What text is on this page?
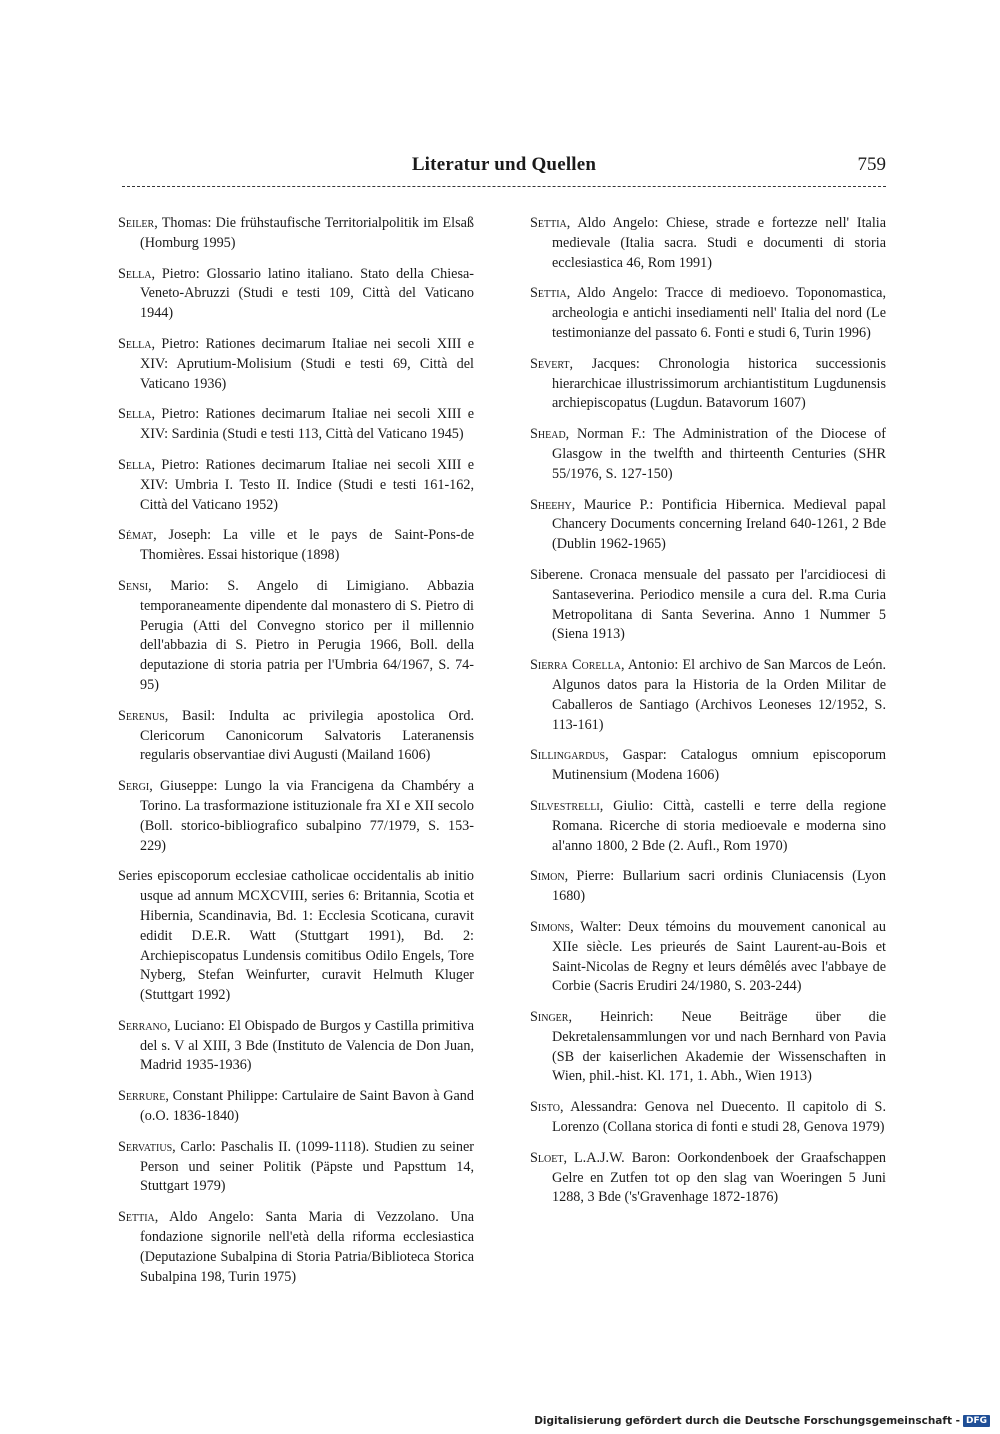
Literatur und Quellen	759

Seiler, Thomas: Die frühstaufische Territorialpolitik im Elsaß (Homburg 1995)

Sella, Pietro: Glossario latino italiano. Stato della Chiesa-Veneto-Abruzzi (Studi e testi 109, Città del Vaticano 1944)

Sella, Pietro: Rationes decimarum Italiae nei secoli XIII e XIV: Aprutium-Molisium (Studi e testi 69, Città del Vaticano 1936)

Sella, Pietro: Rationes decimarum Italiae nei secoli XIII e XIV: Sardinia (Studi e testi 113, Città del Vaticano 1945)

Sella, Pietro: Rationes decimarum Italiae nei secoli XIII e XIV: Umbria I. Testo II. Indice (Studi e testi 161-162, Città del Vaticano 1952)

Sémat, Joseph: La ville et le pays de Saint-Pons-de Thomières. Essai historique (1898)

Sensi, Mario: S. Angelo di Limigiano. Abbazia temporaneamente dipendente dal monastero di S. Pietro di Perugia (Atti del Convegno storico per il millennio dell'abbazia di S. Pietro in Perugia 1966, Boll. della deputazione di storia patria per l'Umbria 64/1967, S. 74-95)

Serenus, Basil: Indulta ac privilegia apostolica Ord. Clericorum Canonicorum Salvatoris Lateranensis regularis observantiae divi Augusti (Mailand 1606)

Sergi, Giuseppe: Lungo la via Francigena da Chambéry a Torino. La trasformazione istituzionale fra XI e XII secolo (Boll. storico-bibliografico subalpino 77/1979, S. 153-229)

Series episcoporum ecclesiae catholicae occidentalis ab initio usque ad annum MCXCVIII, series 6: Britannia, Scotia et Hibernia, Scandinavia, Bd. 1: Ecclesia Scoticana, curavit edidit D.E.R. Watt (Stuttgart 1991), Bd. 2: Archiepiscopatus Lundensis comitibus Odilo Engels, Tore Nyberg, Stefan Weinfurter, curavit Helmuth Kluger (Stuttgart 1992)

Serrano, Luciano: El Obispado de Burgos y Castilla primitiva del s. V al XIII, 3 Bde (Instituto de Valencia de Don Juan, Madrid 1935-1936)

Serrure, Constant Philippe: Cartulaire de Saint Bavon à Gand (o.O. 1836-1840)

Servatius, Carlo: Paschalis II. (1099-1118). Studien zu seiner Person und seiner Politik (Päpste und Papsttum 14, Stuttgart 1979)

Settia, Aldo Angelo: Santa Maria di Vezzolano. Una fondazione signorile nell'età della riforma ecclesiastica (Deputazione Subalpina di Storia Patria/Biblioteca Storica Subalpina 198, Turin 1975)

Settia, Aldo Angelo: Chiese, strade e fortezze nell' Italia medievale (Italia sacra. Studi e documenti di storia ecclesiastica 46, Rom 1991)

Settia, Aldo Angelo: Tracce di medioevo. Toponomastica, archeologia e antichi insediamenti nell' Italia del nord (Le testimonianze del passato 6. Fonti e studi 6, Turin 1996)

Severt, Jacques: Chronologia historica successionis hierarchicae illustrissimorum archiantistitum Lugdunensis archiepiscopatus (Lugdun. Batavorum 1607)

Shead, Norman F.: The Administration of the Diocese of Glasgow in the twelfth and thirteenth Centuries (SHR 55/1976, S. 127-150)

Sheehy, Maurice P.: Pontificia Hibernica. Medieval papal Chancery Documents concerning Ireland 640-1261, 2 Bde (Dublin 1962-1965)

Siberene. Cronaca mensuale del passato per l'arcidiocesi di Santaseverina. Periodico mensile a cura del. R.ma Curia Metropolitana di Santa Severina. Anno 1 Nummer 5 (Siena 1913)

Sierra Corella, Antonio: El archivo de San Marcos de León. Algunos datos para la Historia de la Orden Militar de Caballeros de Santiago (Archivos Leoneses 12/1952, S. 113-161)

Sillingardus, Gaspar: Catalogus omnium episcoporum Mutinensium (Modena 1606)

Silvestrelli, Giulio: Città, castelli e terre della regione Romana. Ricerche di storia medioevale e moderna sino al'anno 1800, 2 Bde (2. Aufl., Rom 1970)

Simon, Pierre: Bullarium sacri ordinis Cluniacensis (Lyon 1680)

Simons, Walter: Deux témoins du mouvement canonical au XIIe siècle. Les prieurés de Saint Laurent-au-Bois et Saint-Nicolas de Regny et leurs démêlés avec l'abbaye de Corbie (Sacris Erudiri 24/1980, S. 203-244)

Singer, Heinrich: Neue Beiträge über die Dekretalensammlungen vor und nach Bernhard von Pavia (SB der kaiserlichen Akademie der Wissenschaften in Wien, phil.-hist. Kl. 171, 1. Abh., Wien 1913)

Sisto, Alessandra: Genova nel Duecento. Il capitolo di S. Lorenzo (Collana storica di fonti e studi 28, Genova 1979)

Sloet, L.A.J.W. Baron: Oorkondenboek der Graafschappen Gelre en Zutfen tot op den slag van Woeringen 5 Juni 1288, 3 Bde ('s'Gravenhage 1872-1876)

Digitalisierung gefördert durch die Deutsche Forschungsgemeinschaft - DFG
